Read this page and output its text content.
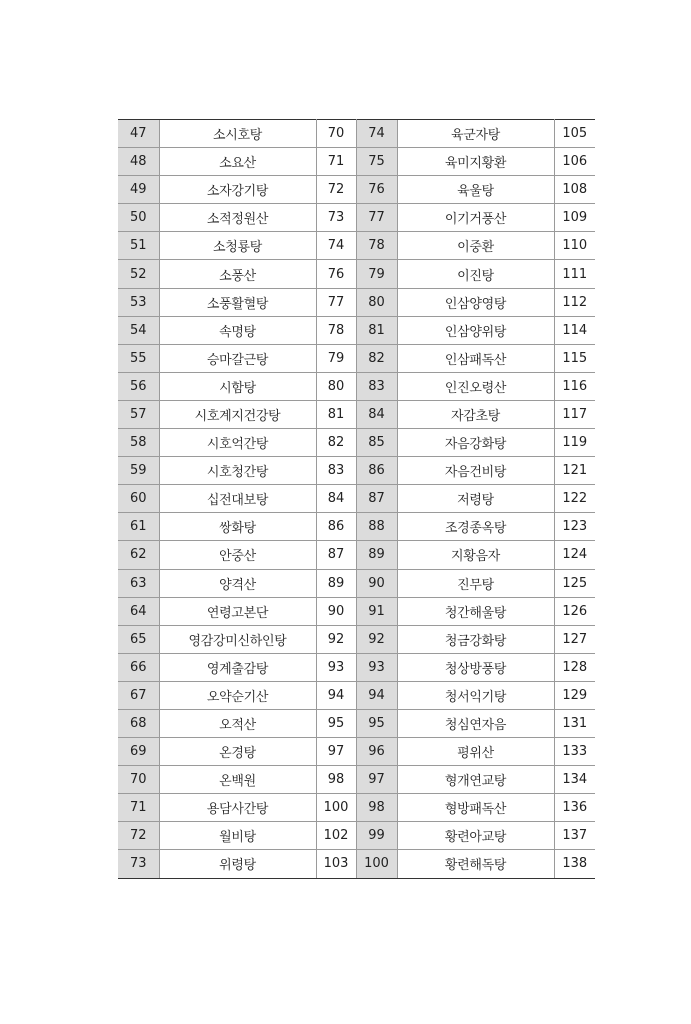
47	소시호탕	70	74	육군자탕	105
48	소요산	71	75	육미지황환	106
49	소자강기탕	72	76	육울탕	108
50	소적정원산	73	77	이기거풍산	109
51	소청룡탕	74	78	이중환	110
52	소풍산	76	79	이진탕	111
53	소풍활혈탕	77	80	인삼양영탕	112
54	속명탕	78	81	인삼양위탕	114
55	승마갈근탕	79	82	인삼패독산	115
56	시함탕	80	83	인진오령산	116
57	시호계지건강탕	81	84	자감초탕	117
58	시호억간탕	82	85	자음강화탕	119
59	시호청간탕	83	86	자음건비탕	121
60	십전대보탕	84	87	저령탕	122
61	쌍화탕	86	88	조경종옥탕	123
62	안중산	87	89	지황음자	124
63	양격산	89	90	진무탕	125
64	연령고본단	90	91	청간해울탕	126
65	영감강미신하인탕	92	92	청금강화탕	127
66	영계출감탕	93	93	청상방풍탕	128
67	오약순기산	94	94	청서익기탕	129
68	오적산	95	95	청심연자음	131
69	온경탕	97	96	평위산	133
70	온백원	98	97	형개연교탕	134
71	용담사간탕	100	98	형방패독산	136
72	월비탕	102	99	황련아교탕	137
73	위령탕	103	100	황련해독탕	138
